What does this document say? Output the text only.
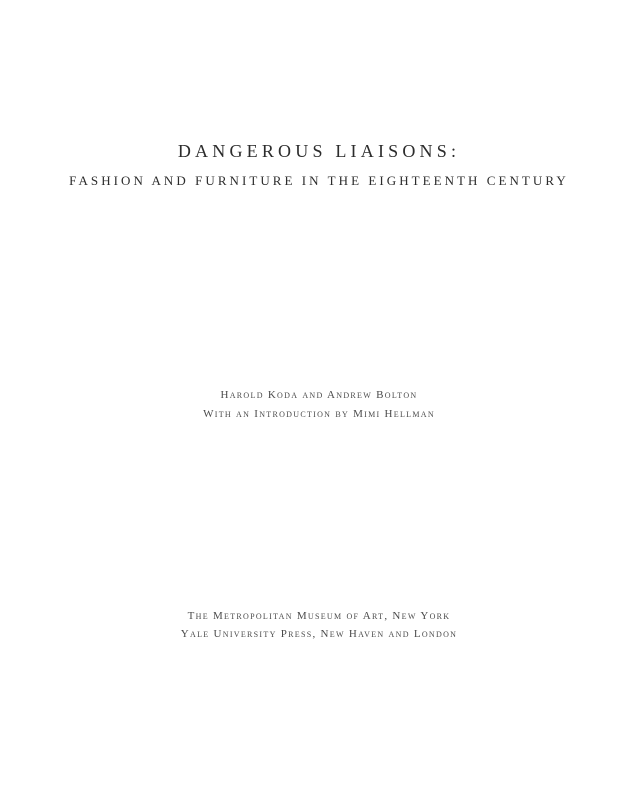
DANGEROUS LIAISONS:
FASHION AND FURNITURE IN THE EIGHTEENTH CENTURY
Harold Koda and Andrew Bolton
With an Introduction by Mimi Hellman
The Metropolitan Museum of Art, New York
Yale University Press, New Haven and London
